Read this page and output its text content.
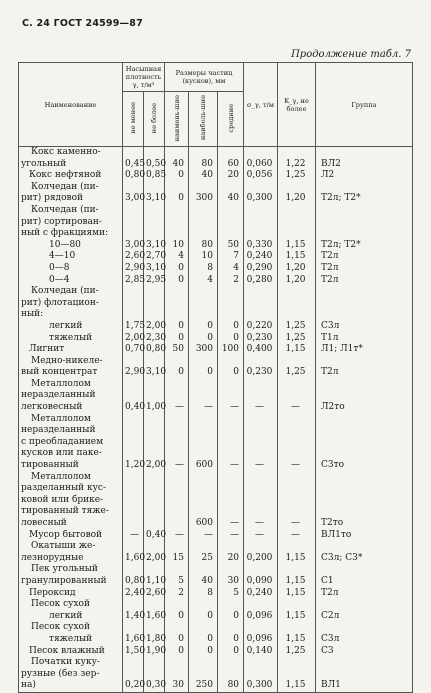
С. 24 ГОСТ 24599—87
Продолжение табл. 7
Наименование	Насыпная плотность γ, т/м³		Размеры частиц (кусков), мм			σ_γ, т/м	K_γ, не более	Группа
	не менее	не более	наимень-шие	наиболь-шие	средние			

Кокс каменно-
угольный	0,45	0,50	40	80	60	0,060	1,22	ВЛ2

Кокс нефтяной	0,80	0,85	0	40	20	0,056	1,25	Л2

Колчедан (пи-
рит) рядовой	3,00	3,10	0	300	40	0,300	1,20	Т2л; Т2*

Колчедан (пи-
рит) сортирован-
ный с фракциями:
10—80	3,00	3,10	10	80	50	0,330	1,15	Т2л; Т2*

4—10	2,60	2,70	4	10	7	0,240	1,15	Т2л

0—8	2,90	3,10	0	8	4	0,290	1,20	Т2л

0—4	2,85	2,95	0	4	2	0,280	1,20	Т2л

Колчедан (пи-
рит) флотацион-
ный:
легкий	1,75	2,00	0	0	0	0,220	1,25	С3л

тяжелый	2,00	2,30	0	0	0	0,230	1,25	Т1л

Лигнит	0,70	0,80	50	300	100	0,400	1,15	Л1; Л1т*

Медно-никеле-
вый концентрат	2,90	3,10	0	0	0	0,230	1,25	Т2л

Металлолом
неразделанный
легковесный	0,40	1,00	—	—	—	—	—	Л2то

Металлолом
неразделанный
с преобладанием
кусков или паке-
тированный	1,20	2,00	—	600	—	—	—	С3то

Металлолом
разделанный кус-
ковой или брике-
тированный тяже-
ловесный				600	—	—	—	Т2то

Мусор бытовой	—	0,40	—	—	—	—	—	ВЛ1то

Окатыши же-
лезнорудные	1,60	2,00	15	25	20	0,200	1,15	С3л; С3*

Пек угольный
гранулированный	0,80	1,10	5	40	30	0,090	1,15	С1

Пероксид	2,40	2,60	2	8	5	0,240	1,15	Т2л

Песок сухой
легкий	1,40	1,60	0	0	0	0,096	1,15	С2л

Песок сухой
тяжелый	1,60	1,80	0	0	0	0,096	1,15	С3л

Песок влажный	1,50	1,90	0	0	0	0,140	1,25	С3

Початки куку-
рузные (без зер-
на)	0,20	0,30	30	250	80	0,300	1,15	ВЛ1
